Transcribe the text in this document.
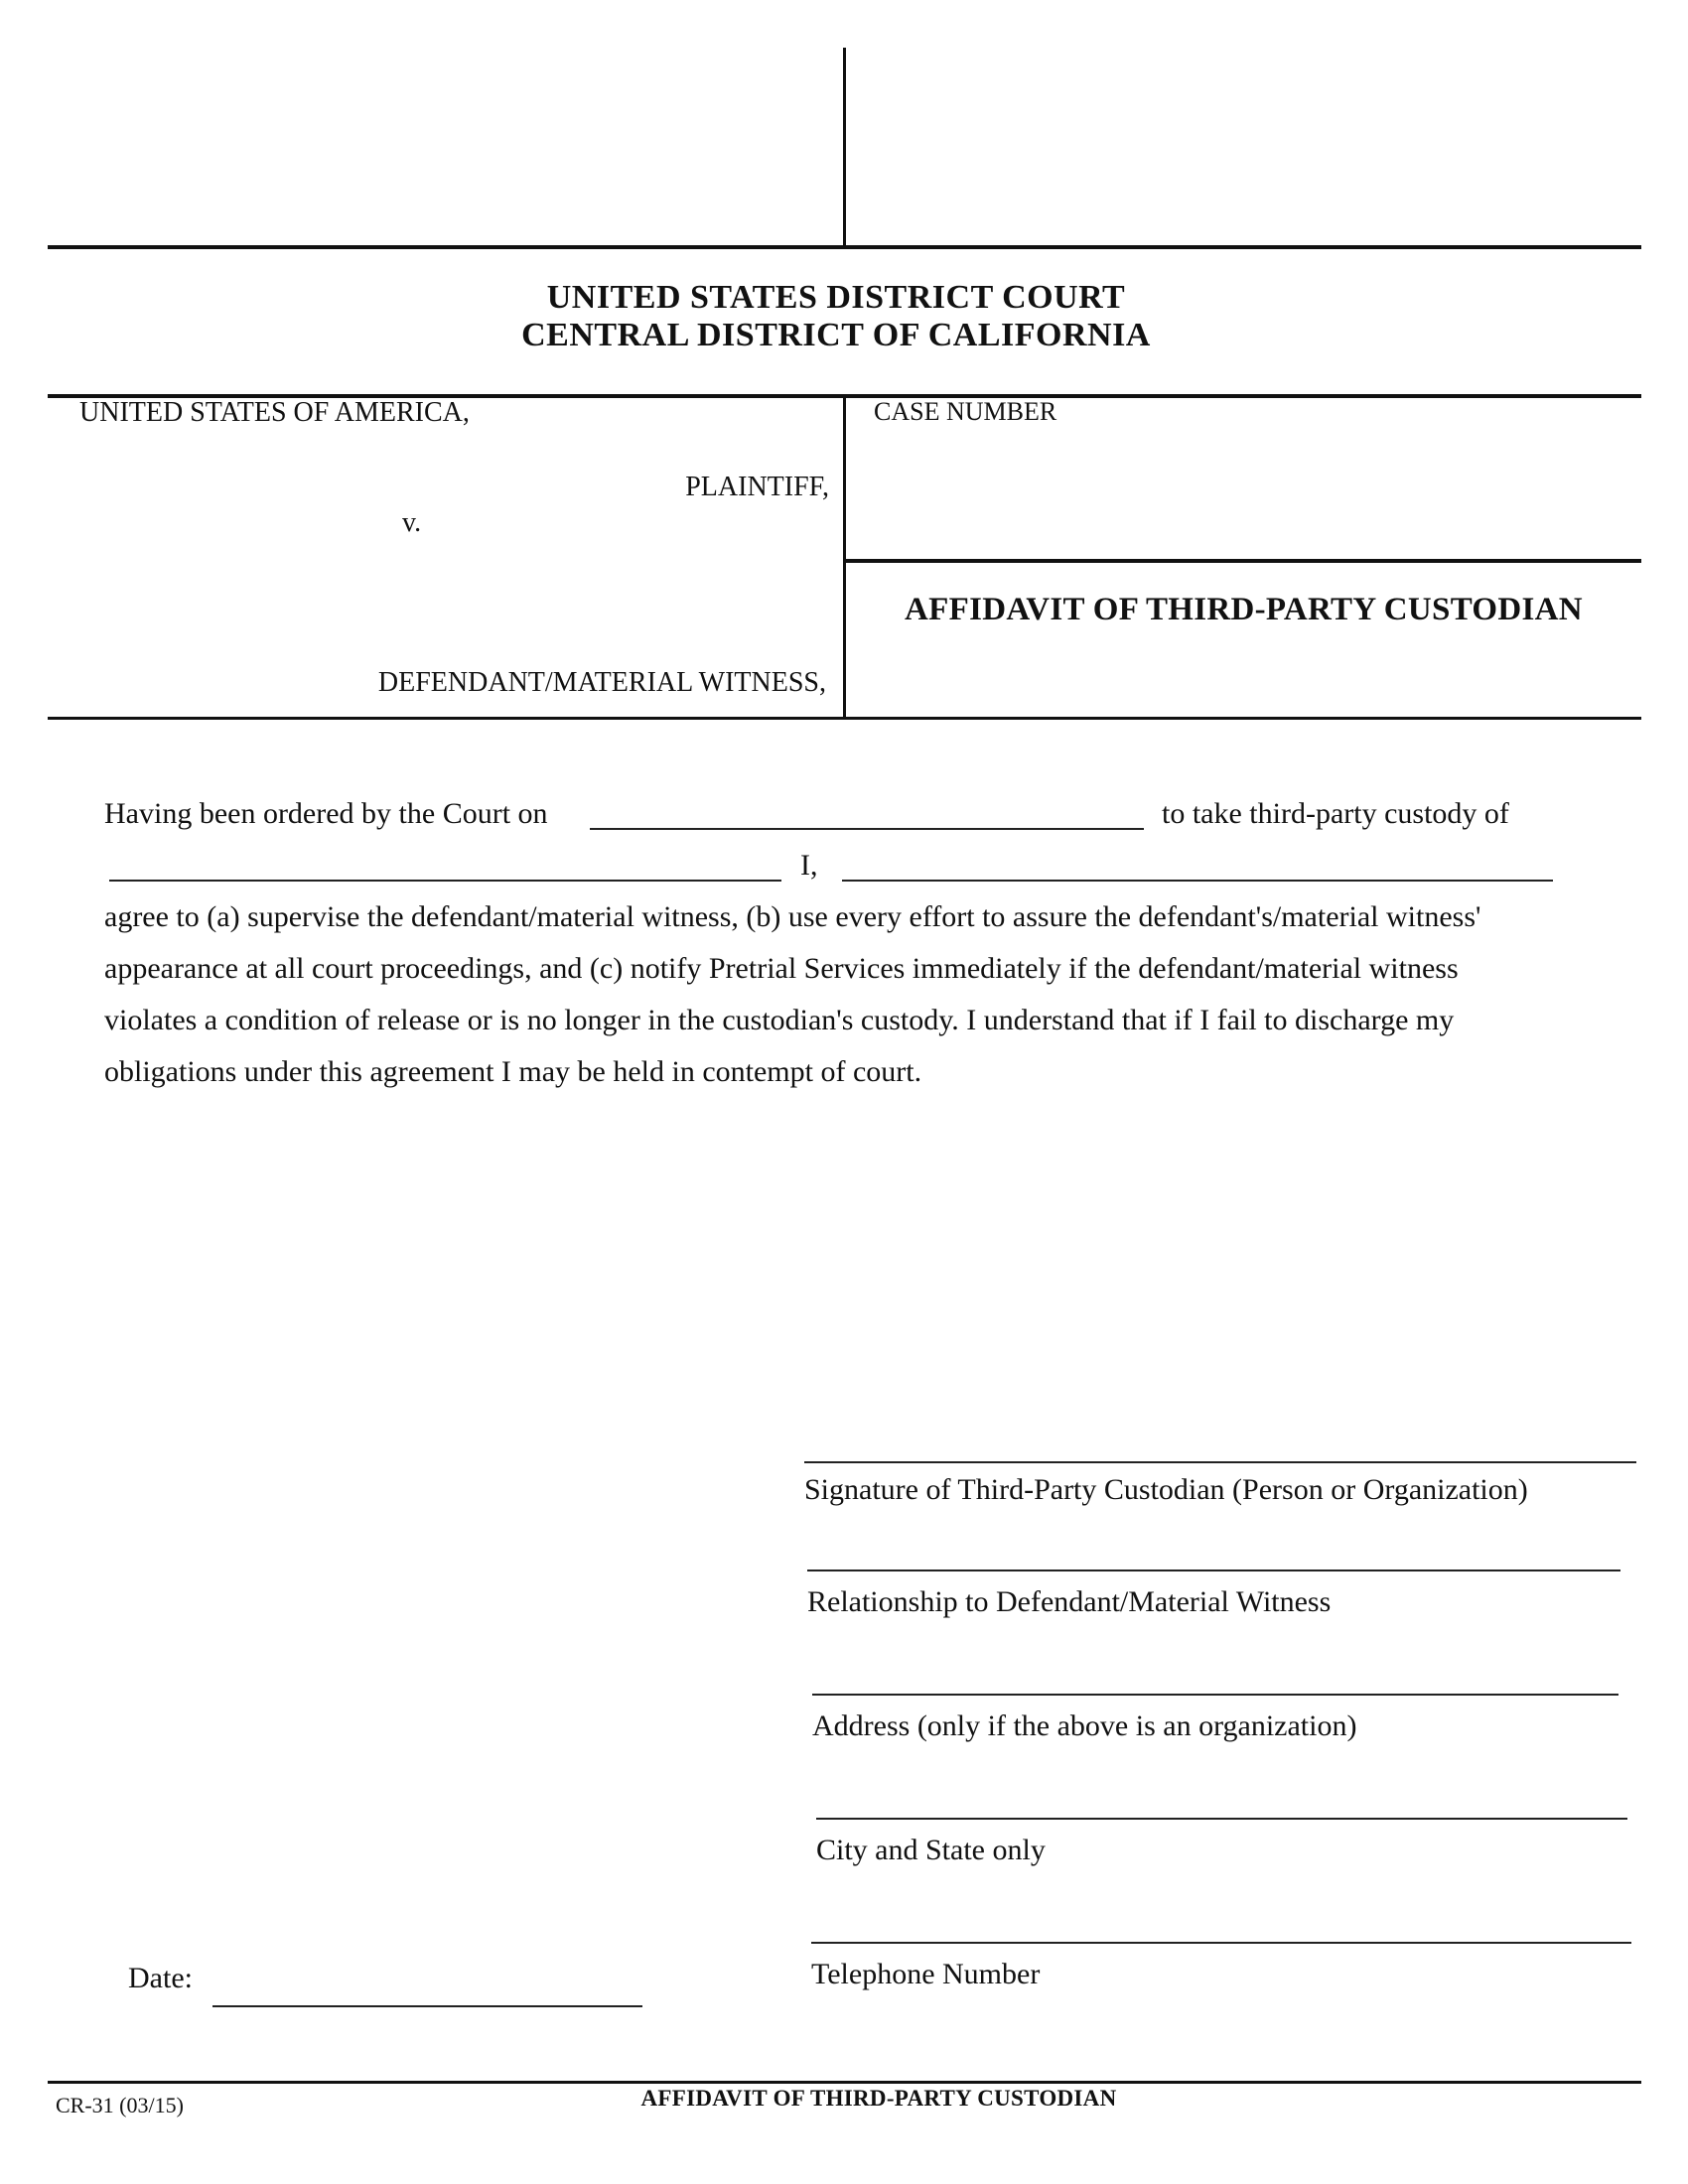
UNITED STATES DISTRICT COURT
CENTRAL DISTRICT OF CALIFORNIA
UNITED STATES OF AMERICA,
PLAINTIFF,
v.
DEFENDANT/MATERIAL WITNESS,
CASE NUMBER
AFFIDAVIT OF THIRD-PARTY CUSTODIAN
Having been ordered by the Court on	to take third-party custody of
I,
agree to (a) supervise the defendant/material witness, (b) use every effort to assure the defendant's/material witness'
appearance at all court proceedings, and (c) notify Pretrial Services immediately if the defendant/material witness
violates a condition of release or is no longer in the custodian's custody. I understand that if I fail to discharge my
obligations under this agreement I may be held in contempt of court.
Signature of Third-Party Custodian (Person or Organization)
Relationship to Defendant/Material Witness
Address (only if the above is an organization)
City and State only
Telephone Number
Date:
AFFIDAVIT OF THIRD-PARTY CUSTODIAN
CR-31 (03/15)
